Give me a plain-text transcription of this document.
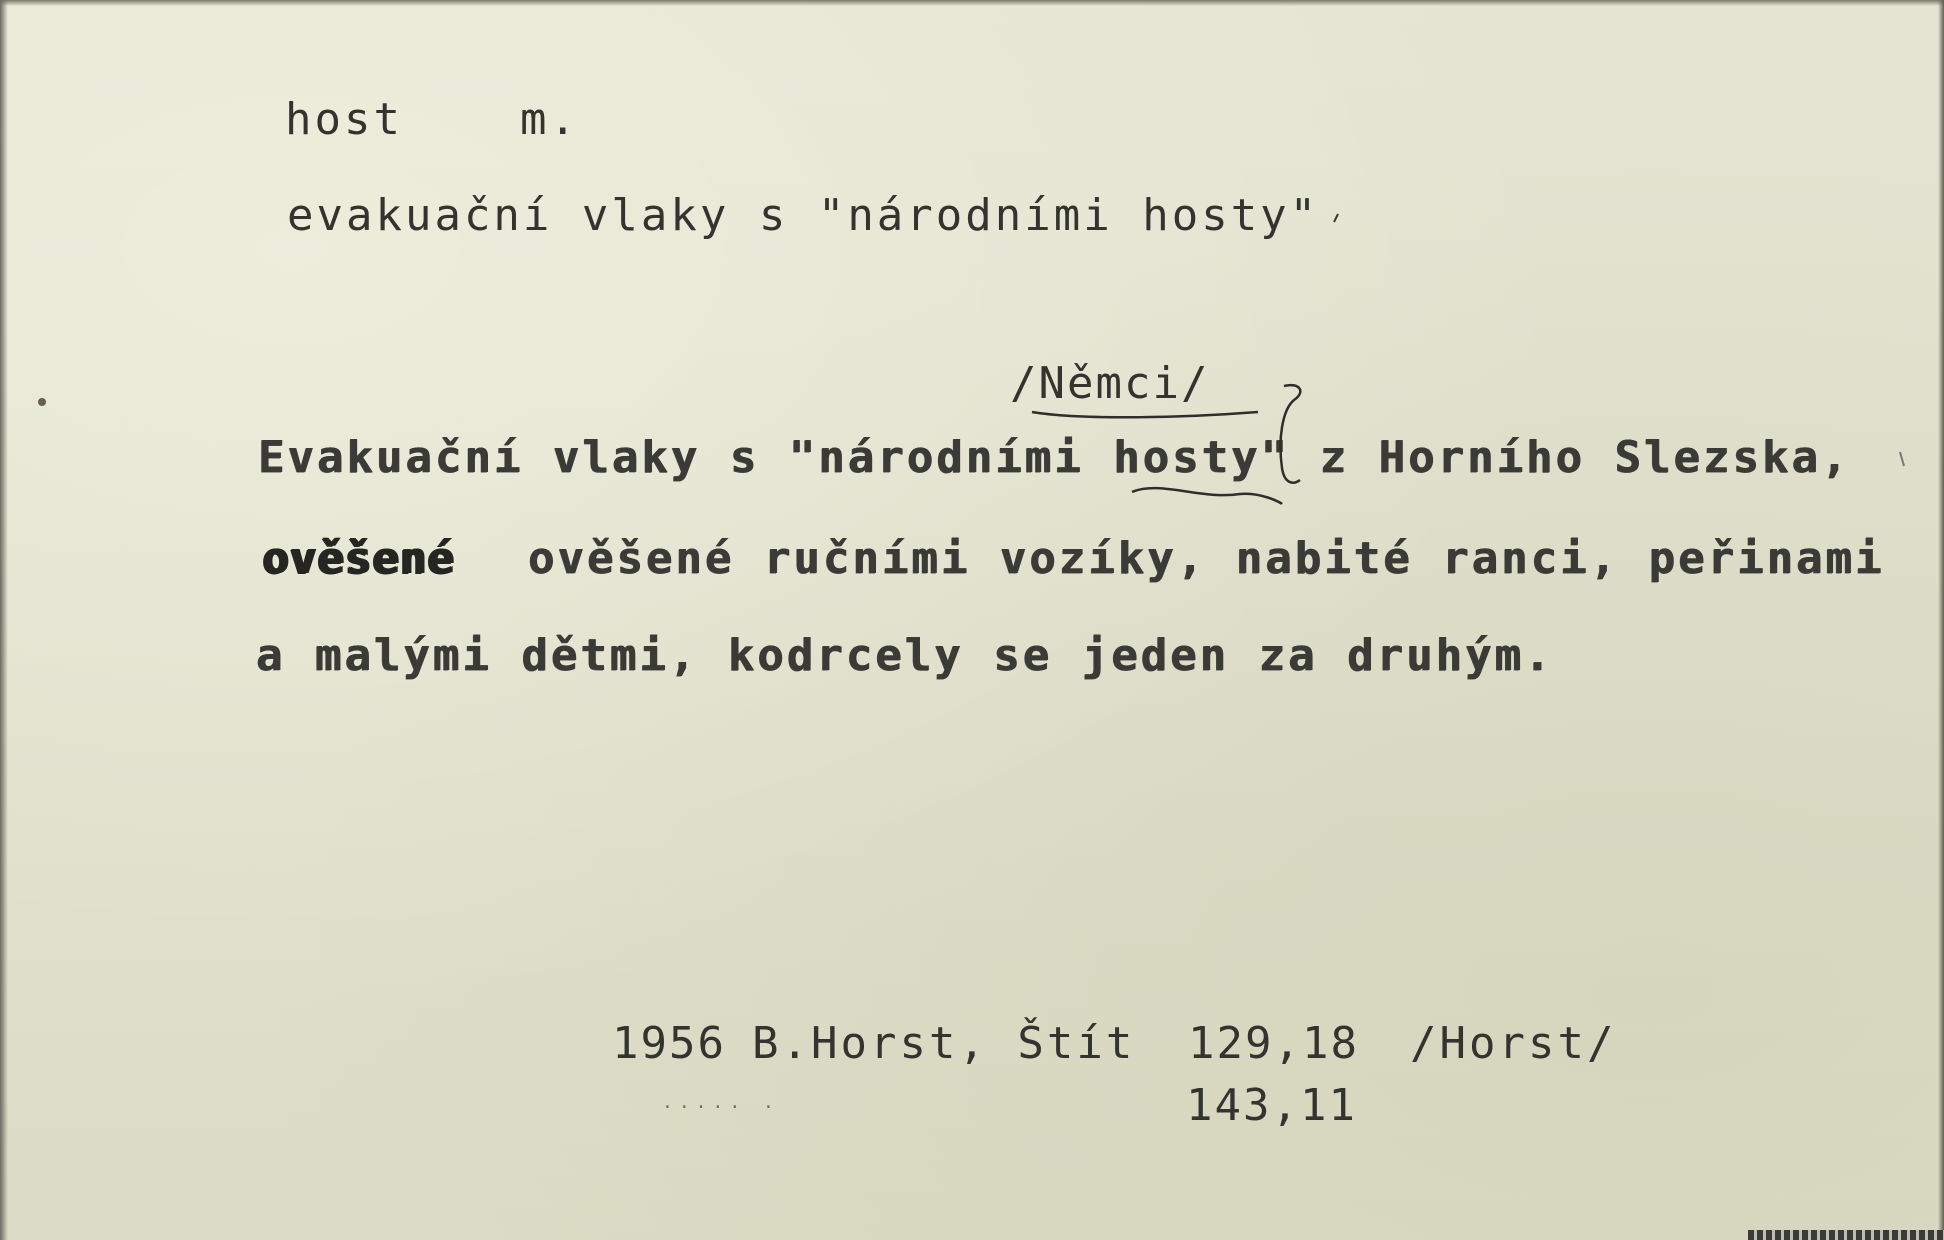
host	m.
evakuační vlaky s "národními hosty"
/Němci/
Evakuační vlaky s "národními hosty" z Horního Slezska,
ověšené ověšené ručními vozíky, nabité ranci, peřinami
a malými dětmi, kodrcely se jeden za druhým.
1956 B.Horst, Štít 129,18 /Horst/
143,11
..... .
